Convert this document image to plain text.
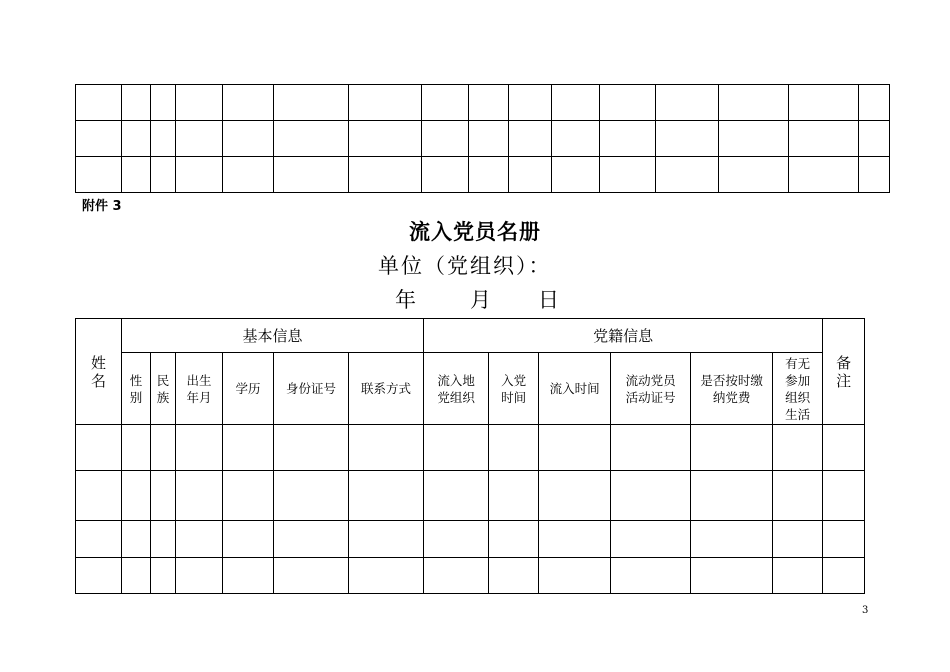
附件 3
流入党员名册
单位（党组织）：
年	月 日
姓名	基本信息						党籍信息						备注

	性别	民族	出生年月	学历	身份证号	联系方式	流入地党组织	入党时间	流入时间	流动党员活动证号	是否按时缴纳党费	有无参加组织生活	

3
